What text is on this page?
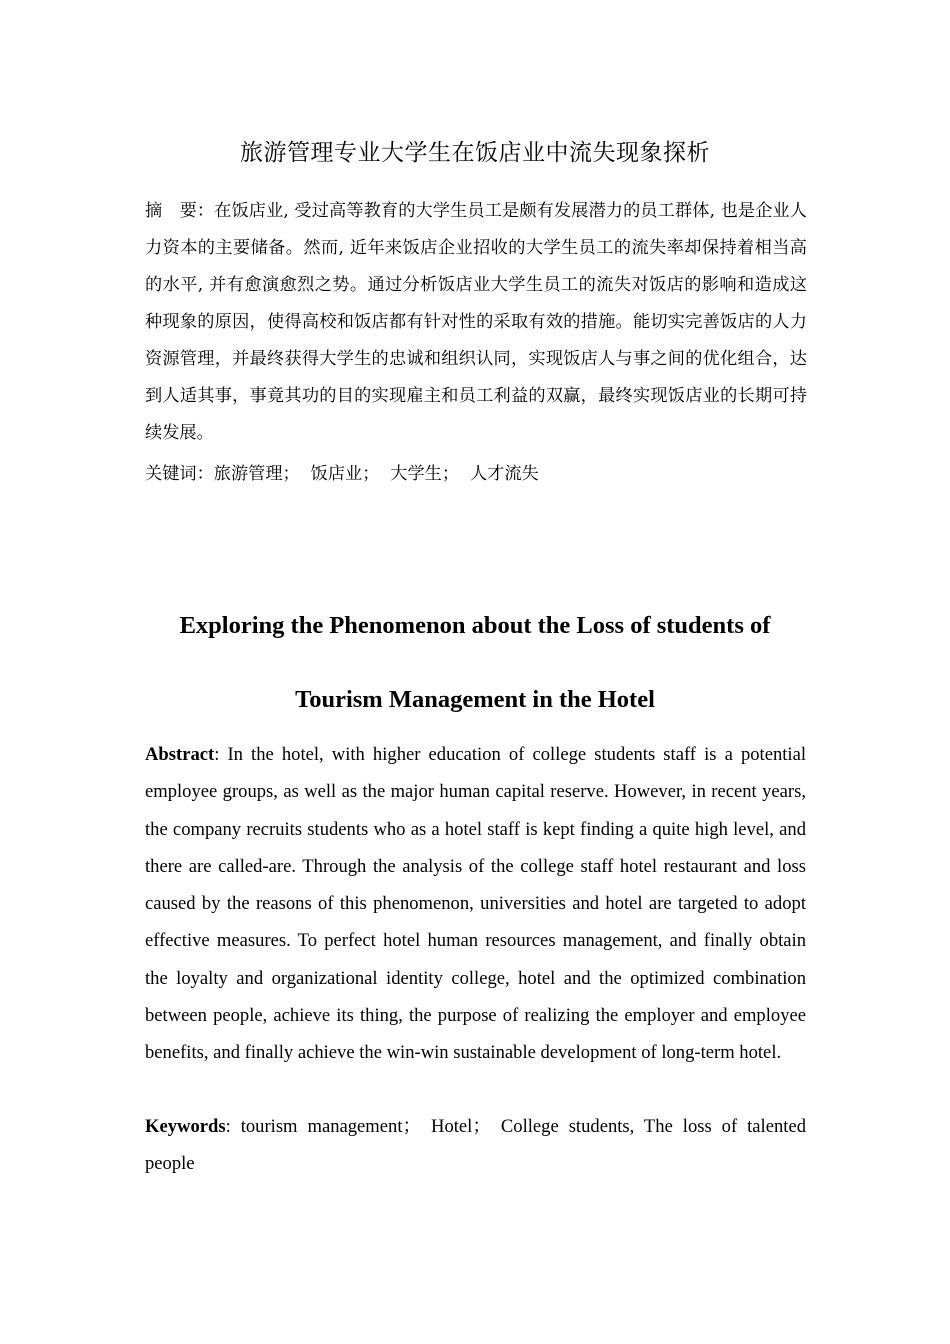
旅游管理专业大学生在饭店业中流失现象探析
摘　要：在饭店业, 受过高等教育的大学生员工是颇有发展潜力的员工群体, 也是企业人力资本的主要储备。然而, 近年来饭店企业招收的大学生员工的流失率却保持着相当高的水平, 并有愈演愈烈之势。通过分析饭店业大学生员工的流失对饭店的影响和造成这种现象的原因，使得高校和饭店都有针对性的采取有效的措施。能切实完善饭店的人力资源管理，并最终获得大学生的忠诚和组织认同，实现饭店人与事之间的优化组合，达到人适其事，事竟其功的目的实现雇主和员工利益的双赢，最终实现饭店业的长期可持续发展。
关键词：旅游管理；  饭店业；  大学生；  人才流失
Exploring the Phenomenon about the Loss of students of
Tourism Management in the Hotel
Abstract: In the hotel, with higher education of college students staff is a potential employee groups, as well as the major human capital reserve. However, in recent years, the company recruits students who as a hotel staff is kept finding a quite high level, and there are called-are. Through the analysis of the college staff hotel restaurant and loss caused by the reasons of this phenomenon, universities and hotel are targeted to adopt effective measures. To perfect hotel human resources management, and finally obtain the loyalty and organizational identity college, hotel and the optimized combination between people, achieve its thing, the purpose of realizing the employer and employee benefits, and finally achieve the win-win sustainable development of long-term hotel.
Keywords: tourism management； Hotel； College students, The loss of talented people
